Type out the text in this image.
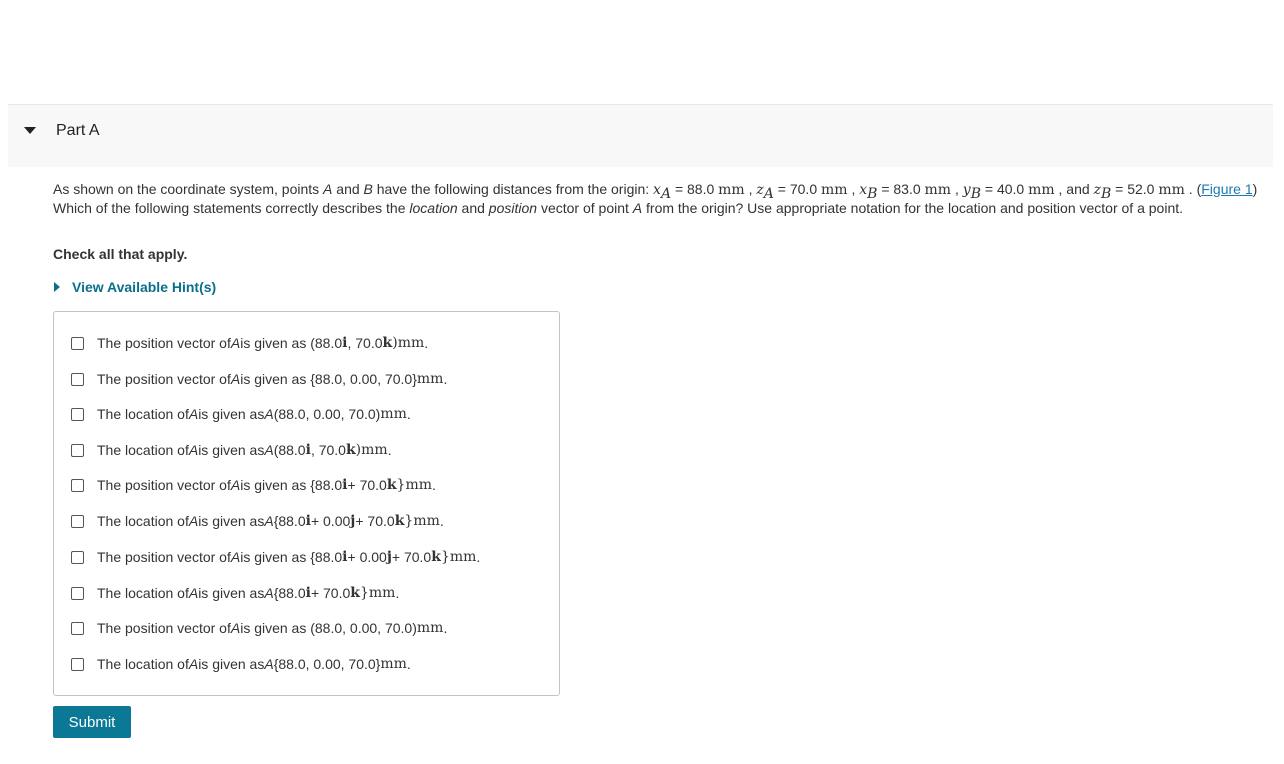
Part A
As shown on the coordinate system, points A and B have the following distances from the origin: $x_A = 88.0$ mm , $z_A = 70.0$ mm , $x_B = 83.0$ mm , $y_B = 40.0$ mm , and $z_B = 52.0$ mm . (Figure 1) Which of the following statements correctly describes the location and position vector of point A from the origin? Use appropriate notation for the location and position vector of a point.
Check all that apply.
View Available Hint(s)
The position vector of A is given as (88.0 i , 70.0 k ) mm .
The position vector of A is given as {88.0, 0.00, 70.0} mm .
The location of A is given as A (88.0, 0.00, 70.0) mm .
The location of A is given as A (88.0 i , 70.0 k ) mm .
The position vector of A is given as {88.0 i + 70.0 k } mm .
The location of A is given as A {88.0 i + 0.00 j + 70.0 k } mm .
The position vector of A is given as {88.0 i + 0.00 j + 70.0 k } mm .
The location of A is given as A {88.0 i + 70.0 k } mm .
The position vector of A is given as (88.0, 0.00, 70.0) mm .
The location of A is given as A {88.0, 0.00, 70.0} mm .
Submit
